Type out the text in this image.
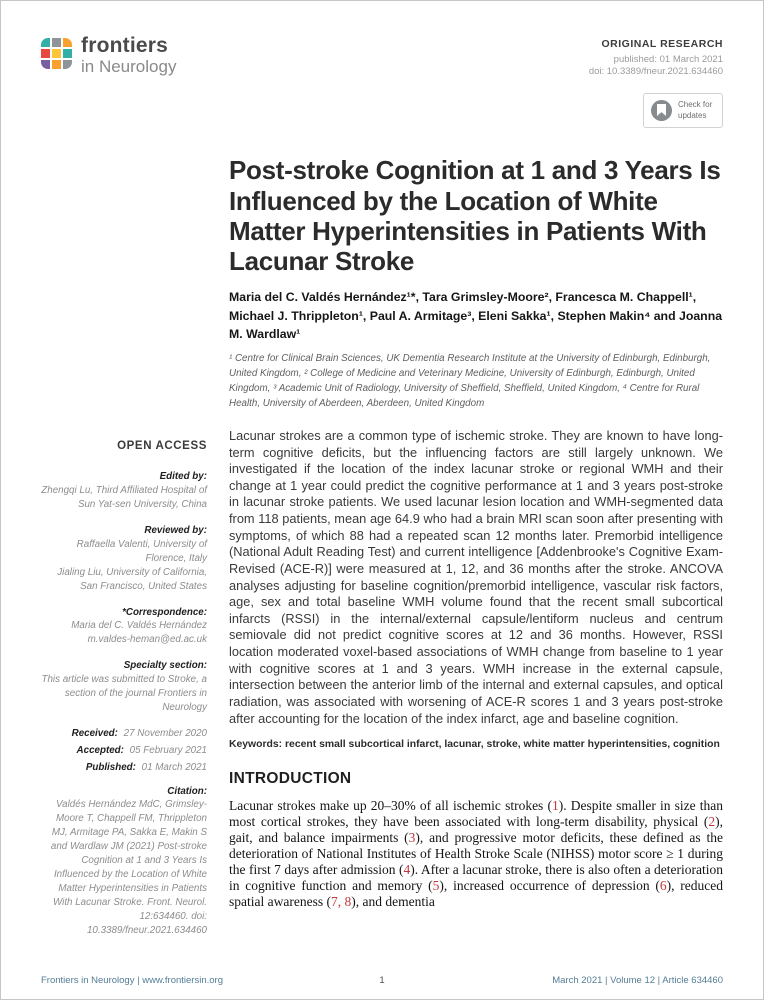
frontiers
in Neurology
ORIGINAL RESEARCH
published: 01 March 2021
doi: 10.3389/fneur.2021.634460
Check for
updates
Post-stroke Cognition at 1 and 3 Years Is Influenced by the Location of White Matter Hyperintensities in Patients With Lacunar Stroke

Maria del C. Valdés Hernández¹*, Tara Grimsley-Moore², Francesca M. Chappell¹, Michael J. Thrippleton¹, Paul A. Armitage³, Eleni Sakka¹, Stephen Makin⁴ and Joanna M. Wardlaw¹

¹ Centre for Clinical Brain Sciences, UK Dementia Research Institute at the University of Edinburgh, Edinburgh, United Kingdom, ² College of Medicine and Veterinary Medicine, University of Edinburgh, Edinburgh, United Kingdom, ³ Academic Unit of Radiology, University of Sheffield, Sheffield, United Kingdom, ⁴ Centre for Rural Health, University of Aberdeen, Aberdeen, United Kingdom

OPEN ACCESS
Edited by:
Zhengqi Lu, Third Affiliated Hospital of Sun Yat-sen University, China
Reviewed by:
Raffaella Valenti, University of Florence, Italy
Jialing Liu, University of California, San Francisco, United States
*Correspondence:
Maria del C. Valdés Hernández
m.valdes-heman@ed.ac.uk
Specialty section:
This article was submitted to Stroke, a section of the journal Frontiers in Neurology
Received: 27 November 2020
Accepted: 05 February 2021
Published: 01 March 2021
Citation:
Valdés Hernández MdC, Grimsley-Moore T, Chappell FM, Thrippleton MJ, Armitage PA, Sakka E, Makin S and Wardlaw JM (2021) Post-stroke Cognition at 1 and 3 Years Is Influenced by the Location of White Matter Hyperintensities in Patients With Lacunar Stroke. Front. Neurol. 12:634460. doi: 10.3389/fneur.2021.634460

Lacunar strokes are a common type of ischemic stroke. They are known to have long-term cognitive deficits, but the influencing factors are still largely unknown. We investigated if the location of the index lacunar stroke or regional WMH and their change at 1 year could predict the cognitive performance at 1 and 3 years post-stroke in lacunar stroke patients. We used lacunar lesion location and WMH-segmented data from 118 patients, mean age 64.9 who had a brain MRI scan soon after presenting with symptoms, of which 88 had a repeated scan 12 months later. Premorbid intelligence (National Adult Reading Test) and current intelligence [Addenbrooke's Cognitive Exam-Revised (ACE-R)] were measured at 1, 12, and 36 months after the stroke. ANCOVA analyses adjusting for baseline cognition/premorbid intelligence, vascular risk factors, age, sex and total baseline WMH volume found that the recent small subcortical infarcts (RSSI) in the internal/external capsule/lentiform nucleus and centrum semiovale did not predict cognitive scores at 12 and 36 months. However, RSSI location moderated voxel-based associations of WMH change from baseline to 1 year with cognitive scores at 1 and 3 years. WMH increase in the external capsule, intersection between the anterior limb of the internal and external capsules, and optical radiation, was associated with worsening of ACE-R scores 1 and 3 years post-stroke after accounting for the location of the index infarct, age and baseline cognition.

Keywords: recent small subcortical infarct, lacunar, stroke, white matter hyperintensities, cognition

INTRODUCTION

Lacunar strokes make up 20–30% of all ischemic strokes (1). Despite smaller in size than most cortical strokes, they have been associated with long-term disability, physical (2), gait, and balance impairments (3), and progressive motor deficits, these defined as the deterioration of National Institutes of Health Stroke Scale (NIHSS) motor score ≥ 1 during the first 7 days after admission (4). After a lacunar stroke, there is also often a deterioration in cognitive function and memory (5), increased occurrence of depression (6), reduced spatial awareness (7, 8), and dementia

Frontiers in Neurology | www.frontiersin.org	1	March 2021 | Volume 12 | Article 634460
